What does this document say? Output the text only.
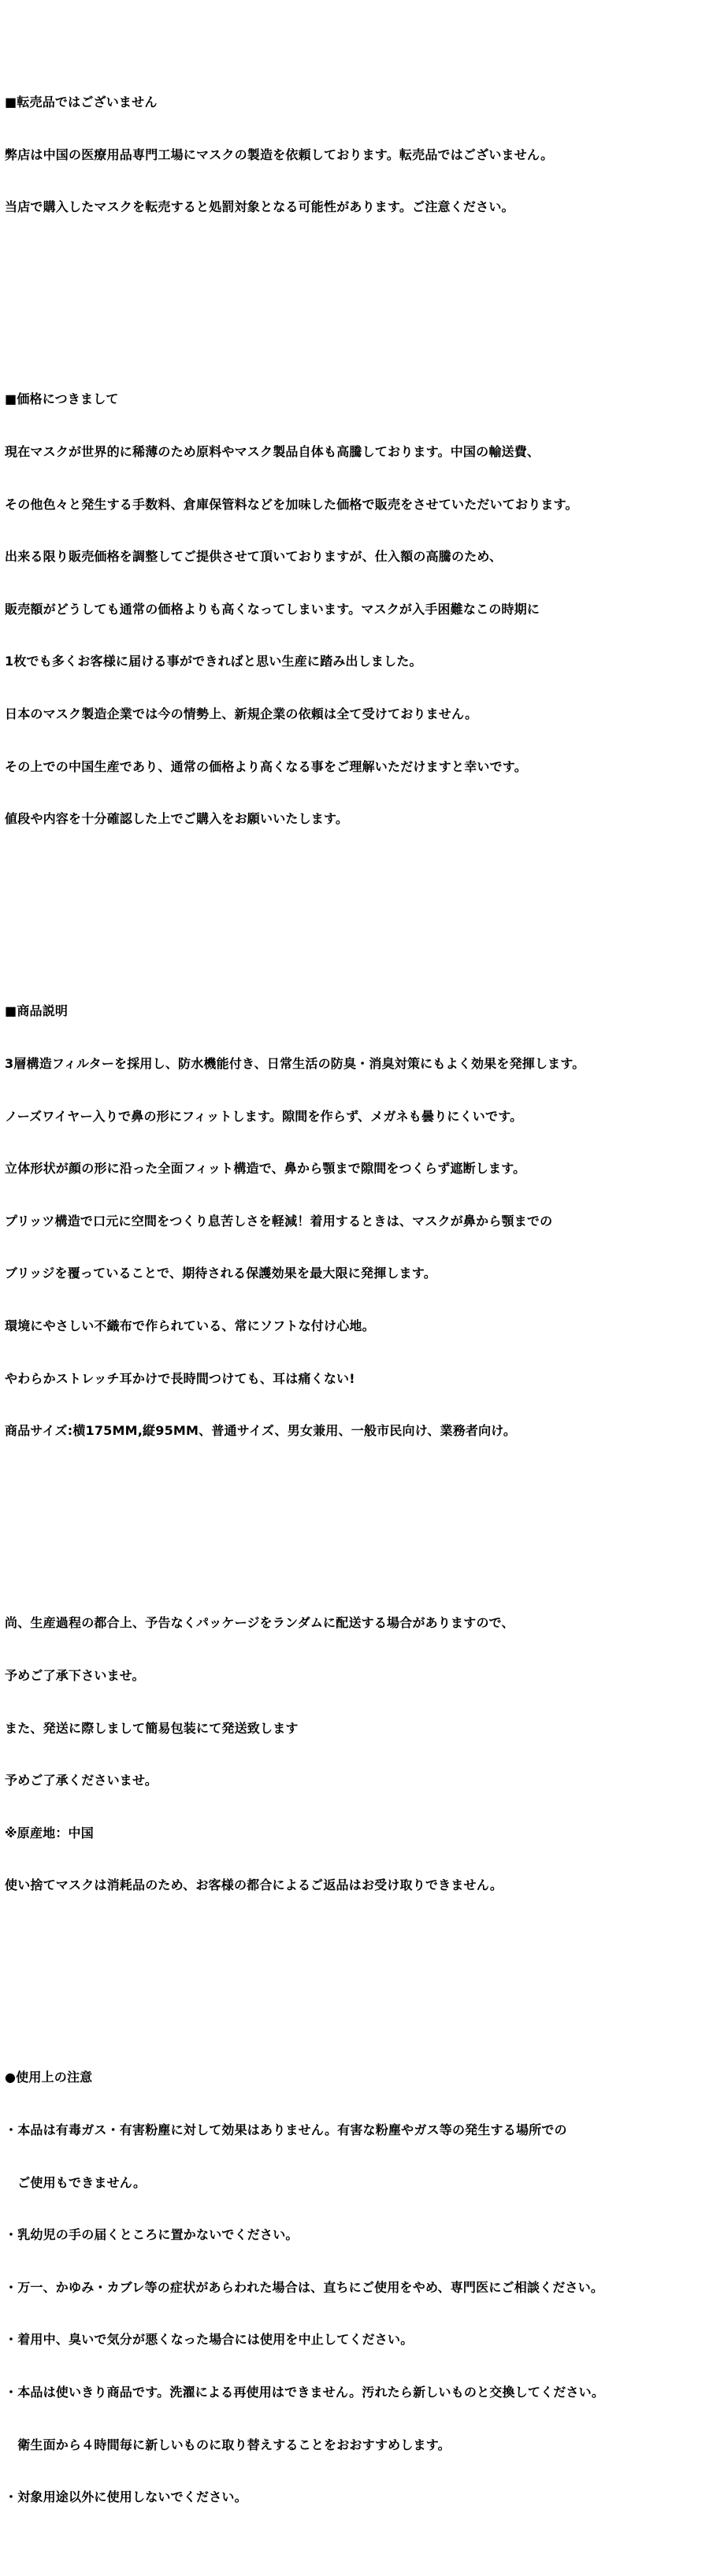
■転売品ではございません

弊店は中国の医療用品専門工場にマスクの製造を依頼しております。転売品ではございません。

当店で購入したマスクを転売すると処罰対象となる可能性があります。ご注意ください。

■価格につきまして

現在マスクが世界的に稀薄のため原料やマスク製品自体も高騰しております。中国の輸送費、

その他色々と発生する手数料、倉庫保管料などを加味した価格で販売をさせていただいております。

出来る限り販売価格を調整してご提供させて頂いておりますが、仕入額の高騰のため、

販売額がどうしても通常の価格よりも高くなってしまいます。マスクが入手困難なこの時期に

1枚でも多くお客様に届ける事ができればと思い生産に踏み出しました。

日本のマスク製造企業では今の情勢上、新規企業の依頼は全て受けておりません。

その上での中国生産であり、通常の価格より高くなる事をご理解いただけますと幸いです。

値段や内容を十分確認した上でご購入をお願いいたします。

■商品説明

3層構造フィルターを採用し、防水機能付き、日常生活の防臭・消臭対策にもよく効果を発揮します。

ノーズワイヤー入りで鼻の形にフィットします。隙間を作らず、メガネも曇りにくいです。

立体形状が顔の形に沿った全面フィット構造で、鼻から顎まで隙間をつくらず遮断します。

プリッツ構造で口元に空間をつくり息苦しさを軽減！着用するときは、マスクが鼻から顎までの

ブリッジを覆っていることで、期待される保護効果を最大限に発揮します。

環境にやさしい不織布で作られている、常にソフトな付け心地。

やわらかストレッチ耳かけで長時間つけても、耳は痛くない!

商品サイズ:横175MM,縦95MM、普通サイズ、男女兼用、一般市民向け、業務者向け。

尚、生産過程の都合上、予告なくパッケージをランダムに配送する場合がありますので、

予めご了承下さいませ。

また、発送に際しまして簡易包装にて発送致します

予めご了承くださいませ。

※原産地：中国

使い捨てマスクは消耗品のため、お客様の都合によるご返品はお受け取りできません。

●使用上の注意

・本品は有毒ガス・有害粉塵に対して効果はありません。有害な粉塵やガス等の発生する場所での

　ご使用もできません。

・乳幼児の手の届くところに置かないでください。

・万一、かゆみ・カブレ等の症状があらわれた場合は、直ちにご使用をやめ、専門医にご相談ください。

・着用中、臭いで気分が悪くなった場合には使用を中止してください。

・本品は使いきり商品です。洗濯による再使用はできません。汚れたら新しいものと交換してください。

　衛生面から４時間毎に新しいものに取り替えすることをおおすすめします。

・対象用途以外に使用しないでください。
